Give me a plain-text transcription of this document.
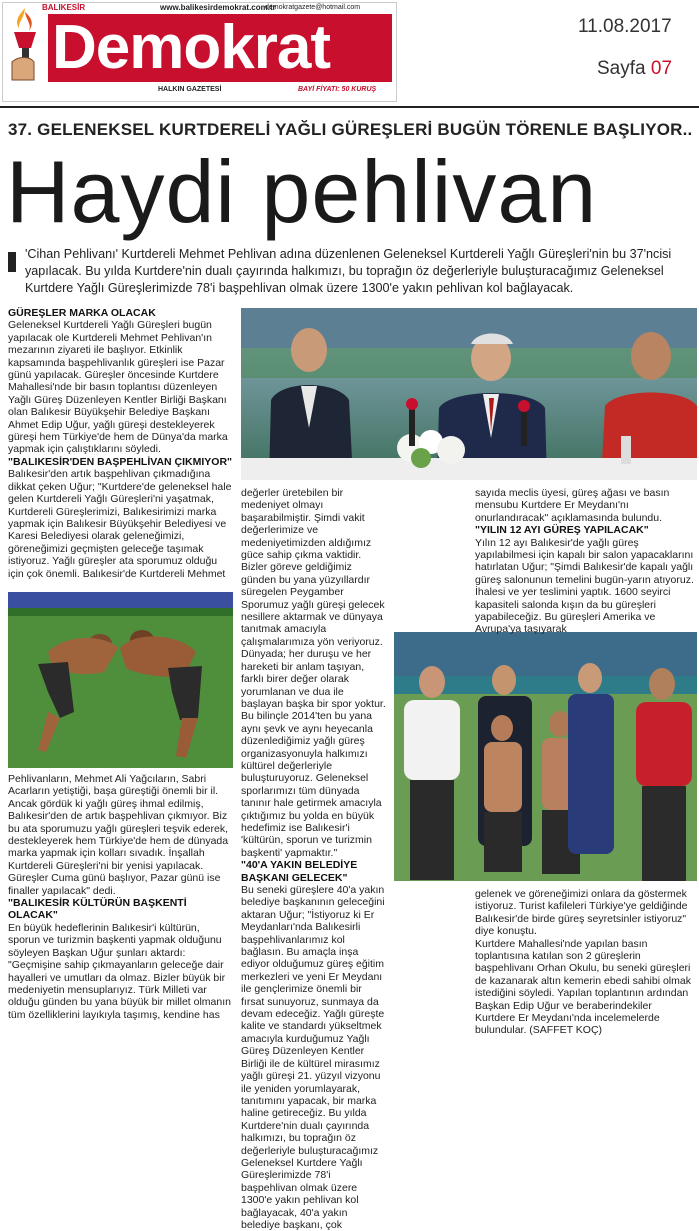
BALIKESİR	www.balikesirdemokrat.com.tr
demokratgazete@hotmail.com
Demokrat
HALKIN GAZETESİ	BAYİ FİYATI: 50 KURUŞ
11.08.2017
Sayfa 07
37. GELENEKSEL KURTDERELİ YAĞLI GÜREŞLERİ BUGÜN TÖRENLE BAŞLIYOR..
Haydi pehlivan
'Cihan Pehlivanı' Kurtdereli Mehmet Pehlivan adına düzenlenen Geleneksel Kurtdereli Yağlı Güreşleri'nin bu 37'ncisi yapılacak. Bu yılda Kurtdere'nin dualı çayırında halkımızı, bu toprağın öz değerleriyle buluşturacağımız Geleneksel Kurtdere Yağlı Güreşlerimizde 78'i başpehlivan olmak üzere 1300'e yakın pehlivan kol bağlayacak.

GÜREŞLER MARKA OLACAK

Geleneksel Kurtdereli Yağlı Güreşleri bugün yapılacak ole Kurtdereli Mehmet Pehlivan'ın mezarının ziyareti ile başlıyor. Etkinlik kapsamında başpehlivanlık güreşleri ise Pazar günü yapılacak. Güreşler öncesinde Kurtdere Mahallesi'nde bir basın toplantısı düzenleyen Yağlı Güreş Düzenleyen Kentler Birliği Başkanı olan Balıkesir Büyükşehir Belediye Başkanı Ahmet Edip Uğur, yağlı güreşi destekleyerek güreşi hem Türkiye'de hem de Dünya'da marka yapmak için çalıştıklarını söyledi.

"BALIKESİR'DEN BAŞPEHLİVAN ÇIKMIYOR"

Balıkesir'den artık başpehlivan çıkmadığına dikkat çeken Uğur; "Kurtdere'de geleneksel hale gelen Kurtdereli Yağlı Güreşleri'ni yaşatmak, Kurtdereli Güreşlerimizi, Balıkesirimizi marka yapmak için Balıkesir Büyükşehir Belediyesi ve Karesi Belediyesi olarak geleneğimizi, göreneğimizi geçmişten geleceğe taşımak istiyoruz. Yağlı güreşler ata sporumuz olduğu için çok önemli. Balıkesir'de Kurtdereli Mehmet

Pehlivanların, Mehmet Ali Yağcıların, Sabri Acarların yetiştiği, başa güreştiği önemli bir il. Ancak gördük ki yağlı güreş ihmal edilmiş, Balıkesir'den de artık başpehlivan çıkmıyor. Biz bu ata sporumuzu yağlı güreşleri teşvik ederek, destekleyerek hem Türkiye'de hem de dünyada marka yapmak için kolları sıvadık. İnşallah Kurtdereli Güreşleri'ni bir yenisi yapılacak. Güreşler Cuma günü başlıyor, Pazar günü ise finaller yapılacak" dedi.

"BALIKESİR KÜLTÜRÜN BAŞKENTİ OLACAK"

En büyük hedeflerinin Balıkesir'i kültürün, sporun ve turizmin başkenti yapmak olduğunu söyleyen Başkan Uğur şunları aktardı: "Geçmişine sahip çıkmayanların geleceğe dair hayalleri ve umutları da olmaz. Bizler büyük bir medeniyetin mensuplarıyız. Türk Milleti var olduğu günden bu yana büyük bir millet olmanın tüm özelliklerini layıkıyla taşımış, kendine has

değerler üretebilen bir medeniyet olmayı başarabilmiştir. Şimdi vakit değerlerimize ve medeniyetimizden aldığımız güce sahip çıkma vaktidir. Bizler göreve geldiğimiz günden bu yana yüzyıllardır süregelen Peygamber Sporumuz yağlı güreşi gelecek nesillere aktarmak ve dünyaya tanıtmak amacıyla çalışmalarımıza yön veriyoruz. Dünyada; her duruşu ve her hareketi bir anlam taşıyan, farklı birer değer olarak yorumlanan ve dua ile başlayan başka bir spor yoktur. Bu bilinçle 2014'ten bu yana aynı şevk ve aynı heyecanla düzenlediğimiz yağlı güreş organizasyonuyla halkımızı kültürel değerleriyle buluşturuyoruz. Geleneksel sporlarımızı tüm dünyada tanınır hale getirmek amacıyla çıktığımız bu yolda en büyük hedefimiz ise Balıkesir'i 'kültürün, sporun ve turizmin başkenti' yapmaktır."

"40'A YAKIN BELEDİYE BAŞKANI GELECEK"

Bu seneki güreşlere 40'a yakın belediye başkanının geleceğini aktaran Uğur; "İstiyoruz ki Er Meydanları'nda Balıkesirli başpehlivanlarımız kol bağlasın. Bu amaçla inşa ediyor olduğumuz güreş eğitim merkezleri ve yeni Er Meydanı ile gençlerimize önemli bir fırsat sunuyoruz, sunmaya da devam edeceğiz. Yağlı güreşte kalite ve standardı yükseltmek amacıyla kurduğumuz Yağlı Güreş Düzenleyen Kentler Birliği ile de kültürel mirasımız yağlı güreşi 21. yüzyıl vizyonu ile yeniden yorumlayarak, tanıtımını yapacak, bir marka haline getireceğiz. Bu yılda Kurtdere'nin dualı çayırında halkımızı, bu toprağın öz değerleriyle buluşturacağımız Geleneksel Kurtdere Yağlı Güreşlerimizde 78'i başpehlivan olmak üzere 1300'e yakın pehlivan kol bağlayacak, 40'a yakın belediye başkanı, çok

sayıda meclis üyesi, güreş ağası ve basın mensubu Kurtdere Er Meydanı'nı onurlandıracak" açıklamasında bulundu.

"YILIN 12 AYI GÜREŞ YAPILACAK"

Yılın 12 ayı Balıkesir'de yağlı güreş yapılabilmesi için kapalı bir salon yapacaklarını hatırlatan Uğur; "Şimdi Balıkesir'de kapalı yağlı güreş salonunun temelini bugün-yarın atıyoruz. İhalesi ve yer teslimini yaptık. 1600 seyirci kapasiteli salonda kışın da bu güreşleri yapabileceğiz. Bu güreşleri Amerika ve Avrupa'ya taşıyarak

gelenek ve göreneğimizi onlara da göstermek istiyoruz. Turist kafileleri Türkiye'ye geldiğinde Balıkesir'de birde güreş seyretsinler istiyoruz" diye konuştu.

Kurtdere Mahallesi'nde yapılan basın toplantısına katılan son 2 güreşlerin başpehlivanı Orhan Okulu, bu seneki güreşleri de kazanarak altın kemerin ebedi sahibi olmak istediğini söyledi. Yapılan toplantının ardından Başkan Edip Uğur ve beraberindekiler Kurtdere Er Meydanı'nda incelemelerde bulundular. (SAFFET KOÇ)
